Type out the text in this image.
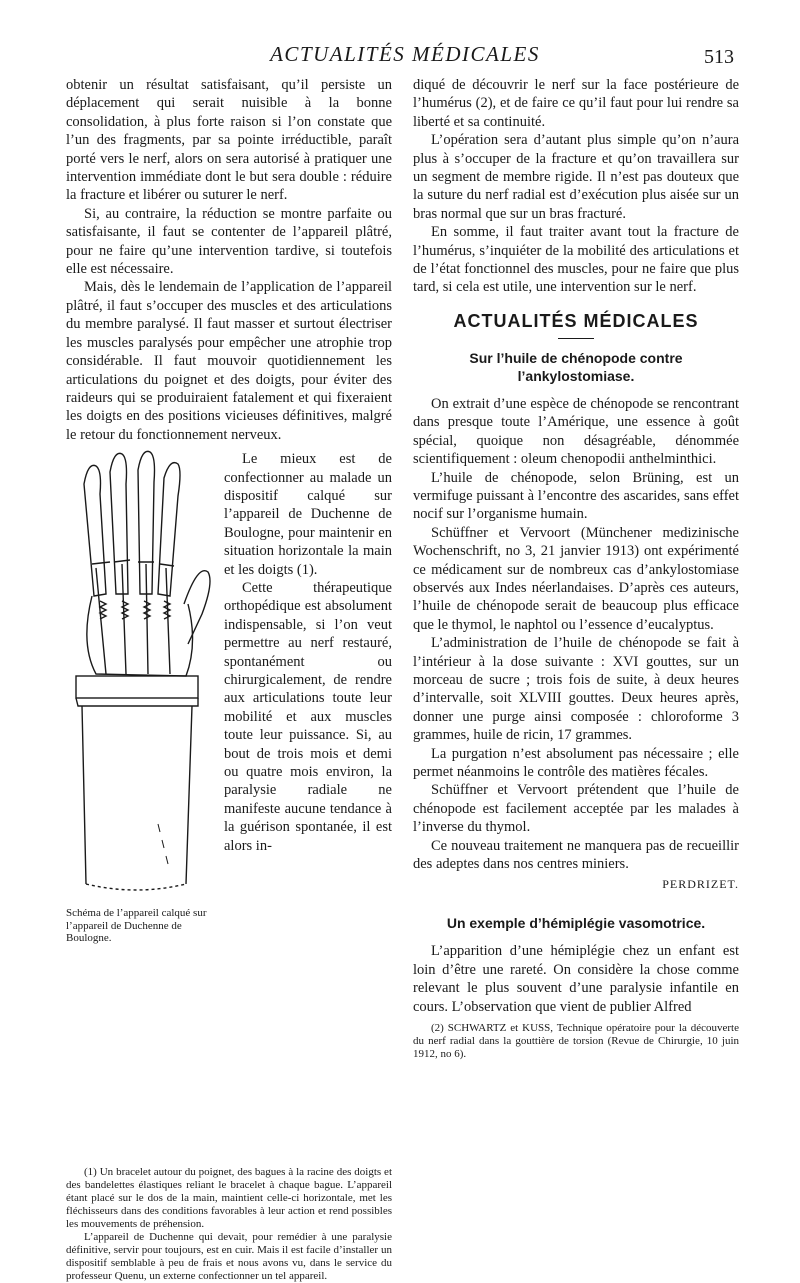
ACTUALITÉS MÉDICALES	513

obtenir un résultat satisfaisant, qu’il persiste un déplacement qui serait nuisible à la bonne consolidation, à plus forte raison si l’on constate que l’un des fragments, par sa pointe irréductible, paraît porté vers le nerf, alors on sera autorisé à pratiquer une intervention immédiate dont le but sera double : réduire la fracture et libérer ou suturer le nerf.

Si, au contraire, la réduction se montre parfaite ou satisfaisante, il faut se contenter de l’appareil plâtré, pour ne faire qu’une intervention tardive, si toutefois elle est nécessaire.

Mais, dès le lendemain de l’application de l’appareil plâtré, il faut s’occuper des muscles et des articulations du membre paralysé. Il faut masser et surtout électriser les muscles paralysés pour empêcher une atrophie trop considérable. Il faut mouvoir quotidiennement les articulations du poignet et des doigts, pour éviter des raideurs qui se produiraient fatalement et qui fixeraient les doigts en des positions vicieuses définitives, malgré le retour du fonctionnement nerveux.

Schéma de l’appareil calqué sur l’appareil de Duchenne de Boulogne.

Le mieux est de confectionner au malade un dispositif calqué sur l’appareil de Duchenne de Boulogne, pour maintenir en situation horizontale la main et les doigts (1).

Cette thérapeutique orthopédique est absolument indispensable, si l’on veut permettre au nerf restauré, spontanément ou chirurgicalement, de rendre aux articulations toute leur mobilité et aux muscles toute leur puissance. Si, au bout de trois mois et demi ou quatre mois environ, la paralysie radiale ne manifeste aucune tendance à la guérison spontanée, il est alors in-

(1) Un bracelet autour du poignet, des bagues à la racine des doigts et des bandelettes élastiques reliant le bracelet à chaque bague. L’appareil étant placé sur le dos de la main, maintient celle-ci horizontale, met les fléchisseurs dans des conditions favorables à leur action et rend possibles les mouvements de préhension.

L’appareil de Duchenne qui devait, pour remédier à une paralysie définitive, servir pour toujours, est en cuir. Mais il est facile d’installer un dispositif semblable à peu de frais et nous avons vu, dans le service du professeur Quenu, un externe confectionner un tel appareil.

diqué de découvrir le nerf sur la face postérieure de l’humérus (2), et de faire ce qu’il faut pour lui rendre sa liberté et sa continuité.

L’opération sera d’autant plus simple qu’on n’aura plus à s’occuper de la fracture et qu’on travaillera sur un segment de membre rigide. Il n’est pas douteux que la suture du nerf radial est d’exécution plus aisée sur un bras normal que sur un bras fracturé.

En somme, il faut traiter avant tout la fracture de l’humérus, s’inquiéter de la mobilité des articulations et de l’état fonctionnel des muscles, pour ne faire que plus tard, si cela est utile, une intervention sur le nerf.

ACTUALITÉS MÉDICALES
Sur l’huile de chénopode contre l’ankylostomiase.

On extrait d’une espèce de chénopode se rencontrant dans presque toute l’Amérique, une essence à goût spécial, quoique non désagréable, dénommée scientifiquement : oleum chenopodii anthelminthici.

L’huile de chénopode, selon Brüning, est un vermifuge puissant à l’encontre des ascarides, sans effet nocif sur l’organisme humain.

Schüffner et Vervoort (Münchener medizinische Wochenschrift, no 3, 21 janvier 1913) ont expérimenté ce médicament sur de nombreux cas d’ankylostomiase observés aux Indes néerlandaises. D’après ces auteurs, l’huile de chénopode serait de beaucoup plus efficace que le thymol, le naphtol ou l’essence d’eucalyptus.

L’administration de l’huile de chénopode se fait à l’intérieur à la dose suivante : XVI gouttes, sur un morceau de sucre ; trois fois de suite, à deux heures d’intervalle, soit XLVIII gouttes. Deux heures après, donner une purge ainsi composée : chloroforme 3 grammes, huile de ricin, 17 grammes.

La purgation n’est absolument pas nécessaire ; elle permet néanmoins le contrôle des matières fécales.

Schüffner et Vervoort prétendent que l’huile de chénopode est facilement acceptée par les malades à l’inverse du thymol.

Ce nouveau traitement ne manquera pas de recueillir des adeptes dans nos centres miniers.

PERDRIZET.
Un exemple d’hémiplégie vasomotrice.

L’apparition d’une hémiplégie chez un enfant est loin d’être une rareté. On considère la chose comme relevant le plus souvent d’une paralysie infantile en cours. L’observation que vient de publier Alfred

(2) SCHWARTZ et KUSS, Technique opératoire pour la découverte du nerf radial dans la gouttière de torsion (Revue de Chirurgie, 10 juin 1912, no 6).
